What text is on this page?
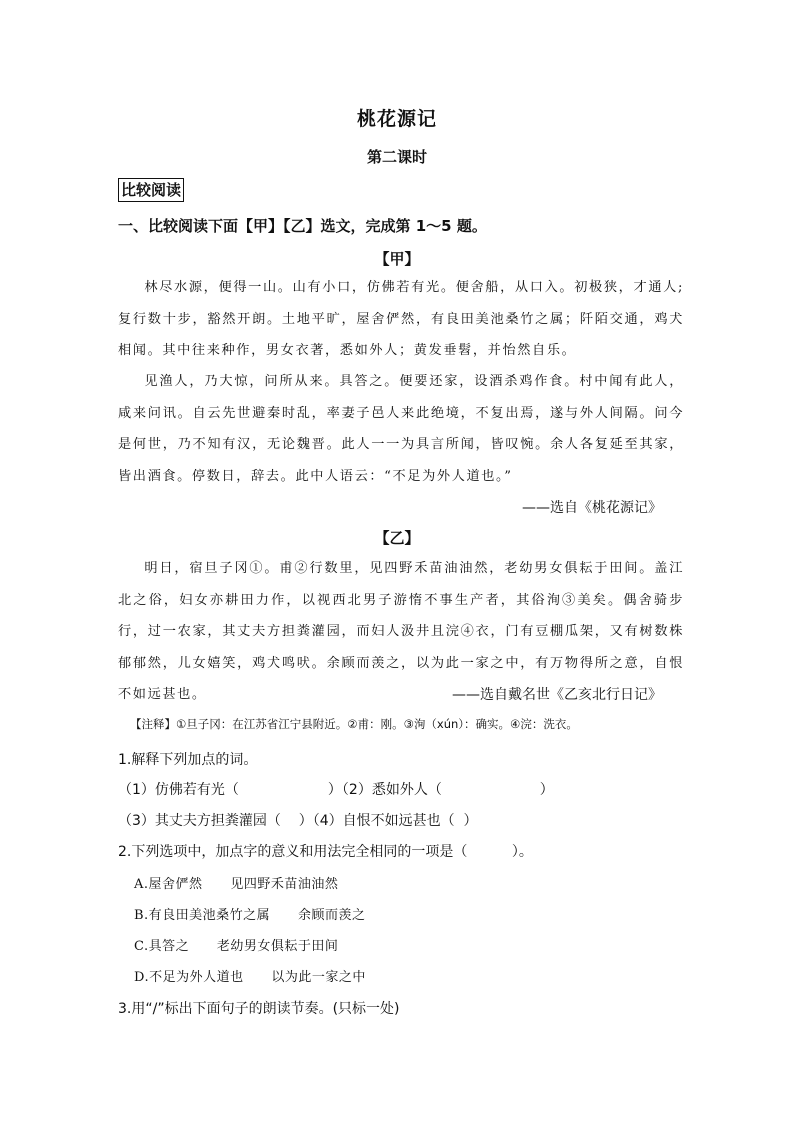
桃花源记
第二课时
比较阅读
一、比较阅读下面【甲】【乙】选文，完成第 1～5 题。
【甲】

林尽水源，便得一山。山有小口，仿佛若有光。便舍船，从口入。初极狭，才通人;复行数十步，豁然开朗。土地平旷，屋舍俨然，有良田美池桑竹之属；阡陌交通，鸡犬相闻。其中往来种作，男女衣著，悉如外人；黄发垂髫，并怡然自乐。

见渔人，乃大惊，问所从来。具答之。便要还家，设酒杀鸡作食。村中闻有此人，咸来问讯。自云先世避秦时乱，率妻子邑人来此绝境，不复出焉，遂与外人间隔。问今是何世，乃不知有汉，无论魏晋。此人一一为具言所闻，皆叹惋。余人各复延至其家，皆出酒食。停数日，辞去。此中人语云：“不足为外人道也。”

——选自《桃花源记》
【乙】

明日，宿旦子冈①。甫②行数里，见四野禾苗油油然，老幼男女俱耘于田间。盖江北之俗，妇女亦耕田力作，以视西北男子游惰不事生产者，其俗洵③美矣。偶舍骑步行，过一农家，其丈夫方担粪灌园，而妇人汲井且浣④衣，门有豆棚瓜架，又有树数株郁郁然，儿女嬉笑，鸡犬鸣吠。余顾而羡之，以为此一家之中，有万物得所之意，自恨不如远甚也。	——选自戴名世《乙亥北行日记》
【注释】①旦子冈：在江苏省江宁县附近。②甫：刚。③洵（xún）：确实。④浣：洗衣。
1.解释下列加点的词。
（1）仿佛若有光（                    ）（2）悉如外人（                      ）
（3）其丈夫方担粪灌园（    ）（4）自恨不如远甚也（  ）
2.下列选项中，加点字的意义和用法完全相同的一项是（          ）。
A.屋舍俨然      见四野禾苗油油然
B.有良田美池桑竹之属      余顾而羡之
C.具答之      老幼男女俱耘于田间
D.不足为外人道也      以为此一家之中
3.用“/”标出下面句子的朗读节奏。(只标一处)
